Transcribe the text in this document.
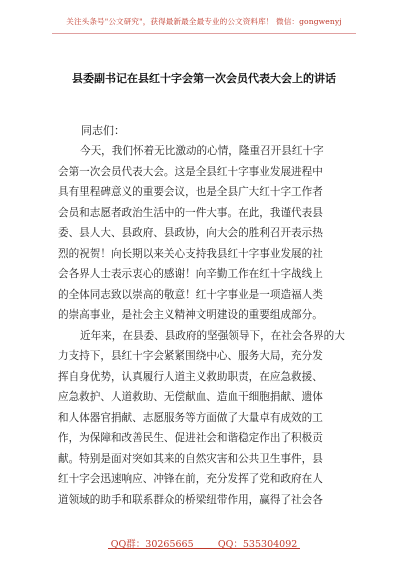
关注头条号"公文研究"，获得最新最全最专业的公文资料库！ 微信：gongwenyj
县委副书记在县红十字会第一次会员代表大会上的讲话
同志们：
今天，我们怀着无比激动的心情，隆重召开县红十字
会第一次会员代表大会。这是全县红十字事业发展进程中
具有里程碑意义的重要会议，也是全县广大红十字工作者
会员和志愿者政治生活中的一件大事。在此，我谨代表县
委、县人大、县政府、县政协，向大会的胜利召开表示热
烈的祝贺！向长期以来关心支持我县红十字事业发展的社
会各界人士表示衷心的感谢！向辛勤工作在红十字战线上
的全体同志致以崇高的敬意！红十字事业是一项造福人类
的崇高事业，是社会主义精神文明建设的重要组成部分。
近年来，在县委、县政府的坚强领导下，在社会各界的大
力支持下，县红十字会紧紧围绕中心、服务大局，充分发
挥自身优势，认真履行人道主义救助职责，在应急救援、
应急救护、人道救助、无偿献血、造血干细胞捐献、遗体
和人体器官捐献、志愿服务等方面做了大量卓有成效的工
作，为保障和改善民生、促进社会和谐稳定作出了积极贡
献。特别是面对突如其来的自然灾害和公共卫生事件，县
红十字会迅速响应、冲锋在前，充分发挥了党和政府在人
道领域的助手和联系群众的桥梁纽带作用，赢得了社会各
QQ群：30265665	QQ：535304092
